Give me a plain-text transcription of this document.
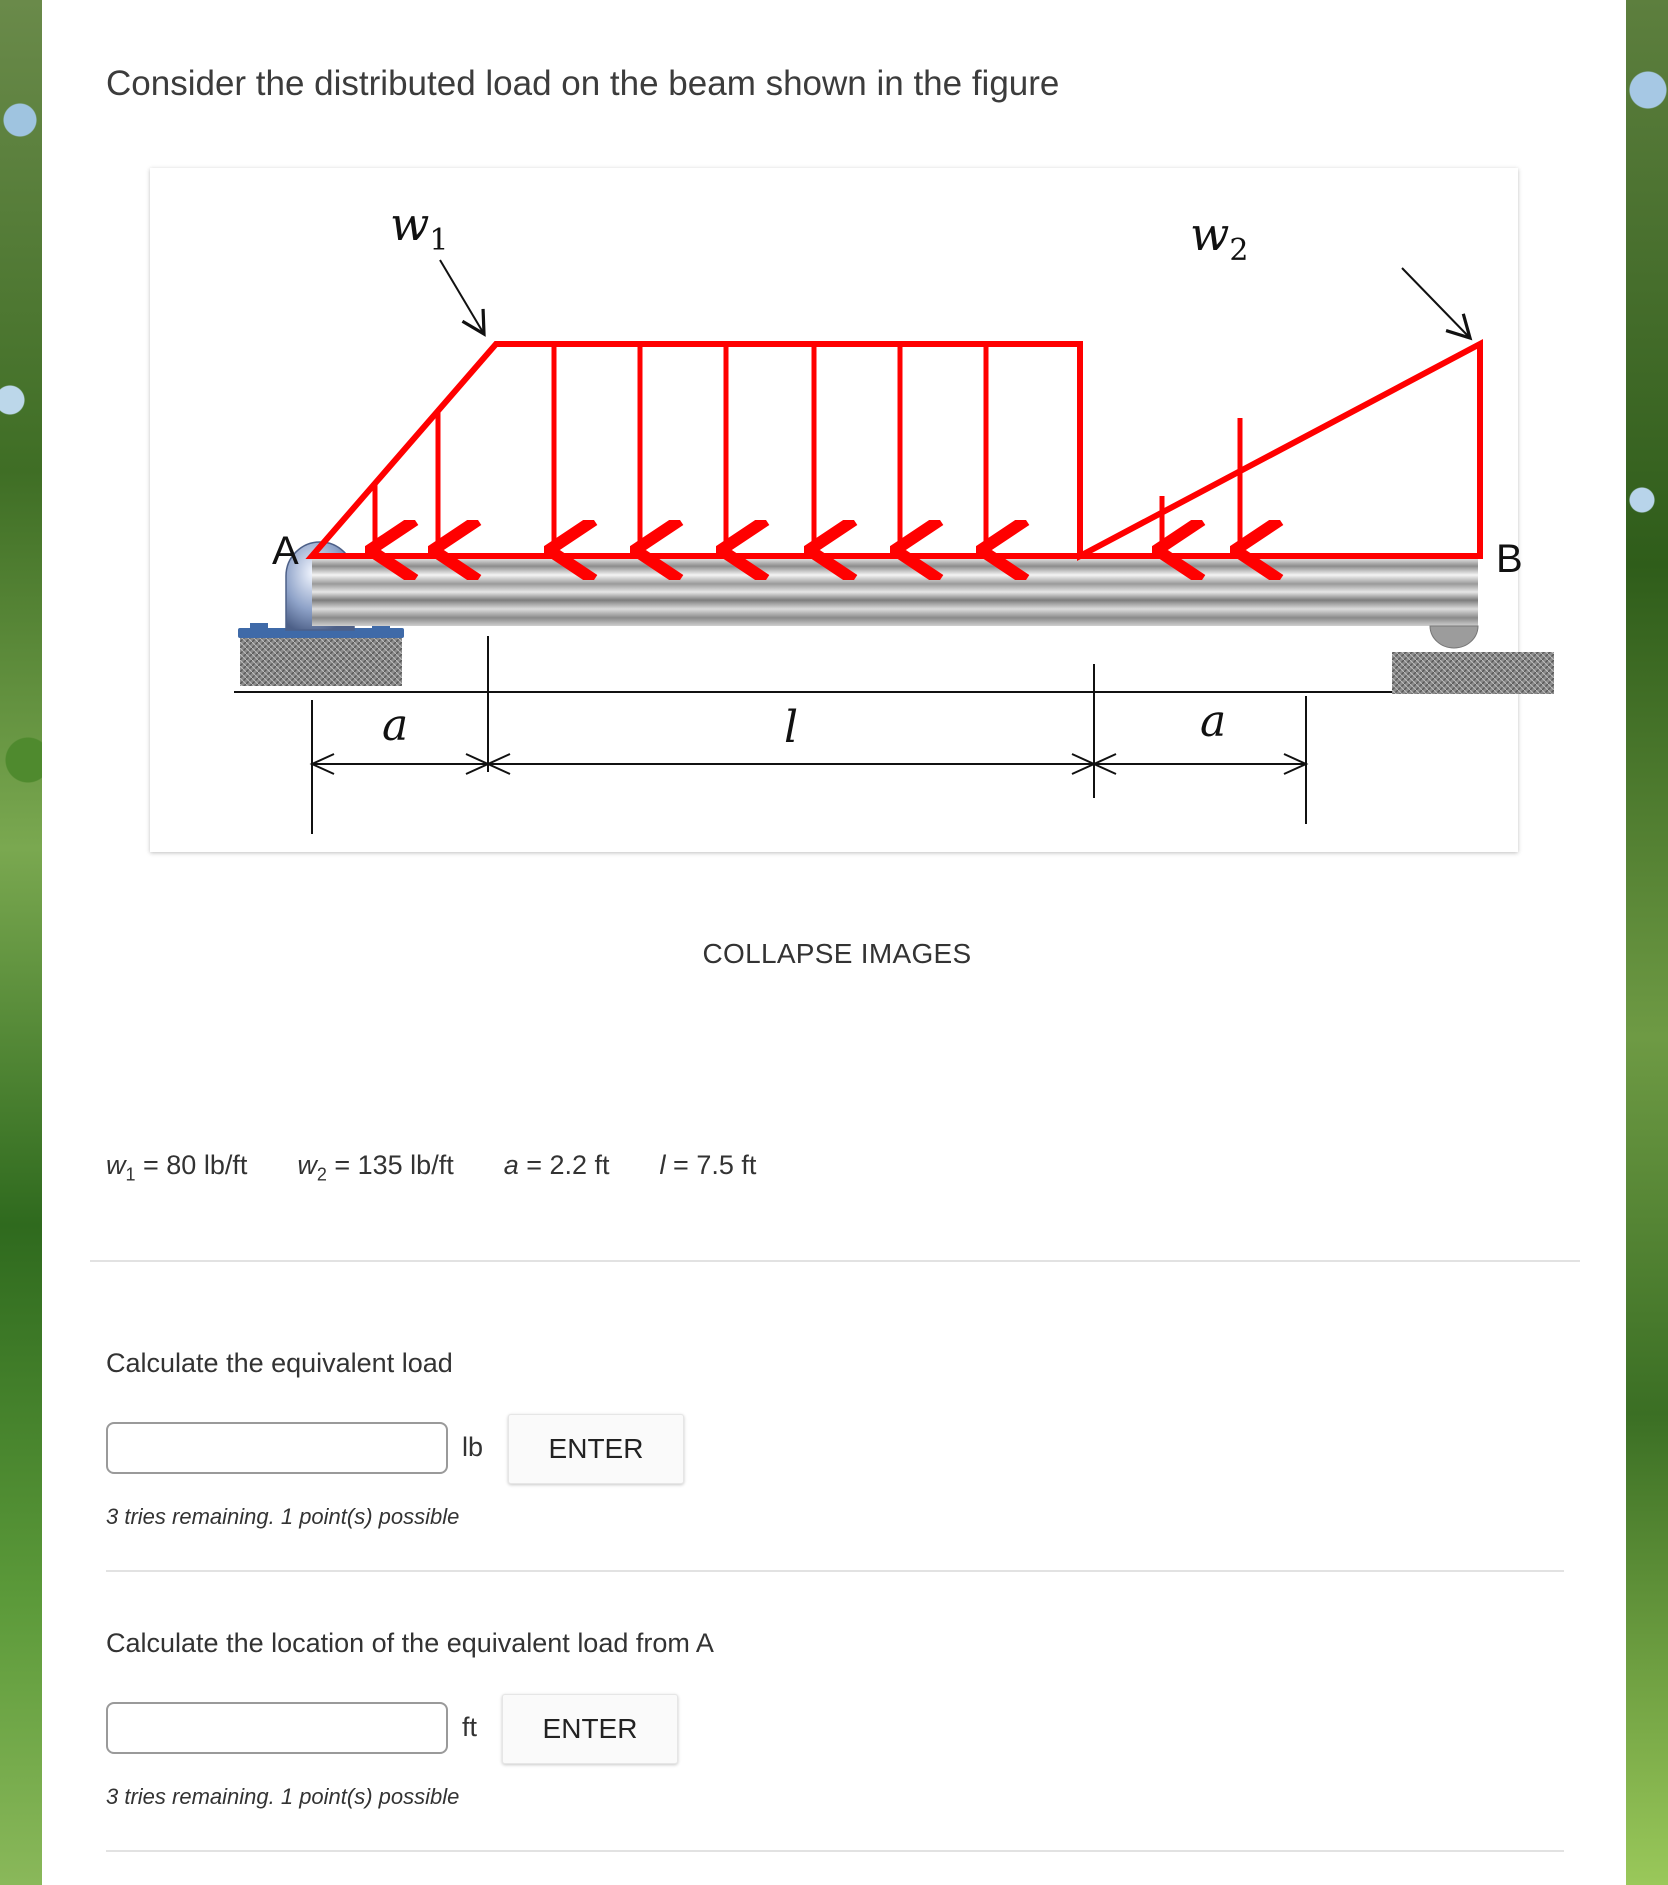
Consider the distributed load on the beam shown in the figure
$w_1$	$w_2$
A	B
a	l	a
COLLAPSE IMAGES
$w_1 = 80$ lb/ft $w_2 = 135$ lb/ft a = 2.2 ft l = 7.5 ft
Calculate the equivalent load
lb	ENTER
3 tries remaining. 1 point(s) possible
Calculate the location of the equivalent load from A
ft	ENTER
3 tries remaining. 1 point(s) possible
